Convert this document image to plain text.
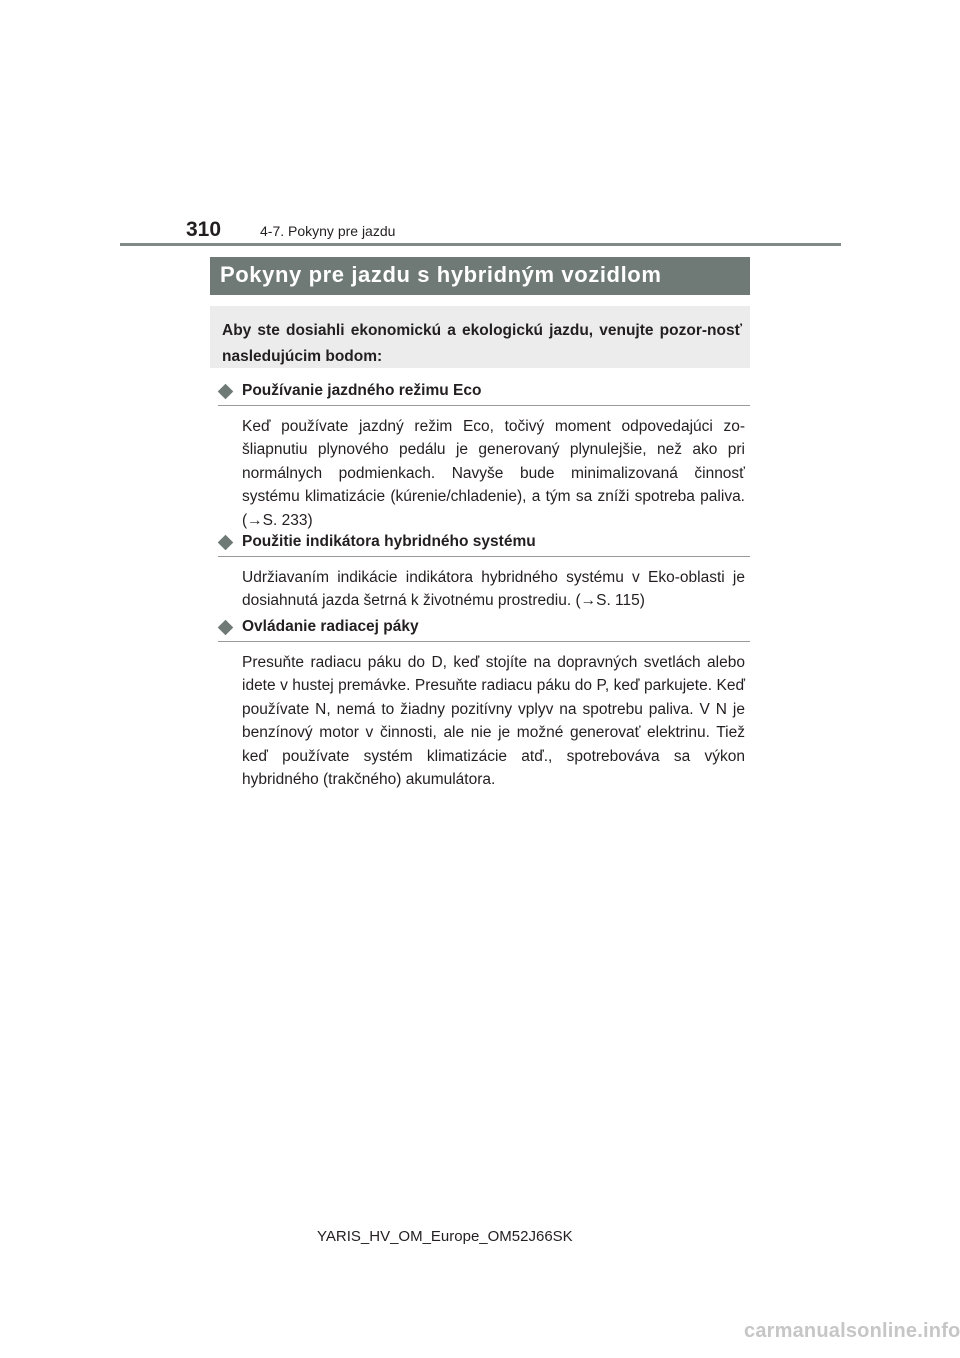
310	4-7. Pokyny pre jazdu
Pokyny pre jazdu s hybridným vozidlom
Aby ste dosiahli ekonomickú a ekologickú jazdu, venujte pozor-nosť nasledujúcim bodom:
Používanie jazdného režimu Eco

Keď používate jazdný režim Eco, točivý moment odpovedajúci zo-šliapnutiu plynového pedálu je generovaný plynulejšie, než ako pri normálnych podmienkach. Navyše bude minimalizovaná činnosť systému klimatizácie (kúrenie/chladenie), a tým sa zníži spotreba paliva. (→S. 233)

Použitie indikátora hybridného systému

Udržiavaním indikácie indikátora hybridného systému v Eko-oblasti je dosiahnutá jazda šetrná k životnému prostrediu. (→S. 115)

Ovládanie radiacej páky

Presuňte radiacu páku do D, keď stojíte na dopravných svetlách alebo idete v hustej premávke. Presuňte radiacu páku do P, keď parkujete. Keď používate N, nemá to žiadny pozitívny vplyv na spotrebu paliva. V N je benzínový motor v činnosti, ale nie je možné generovať elektrinu. Tiež keď používate systém klimatizácie atď., spotrebováva sa výkon hybridného (trakčného) akumulátora.

YARIS_HV_OM_Europe_OM52J66SK
carmanualsonline.info
